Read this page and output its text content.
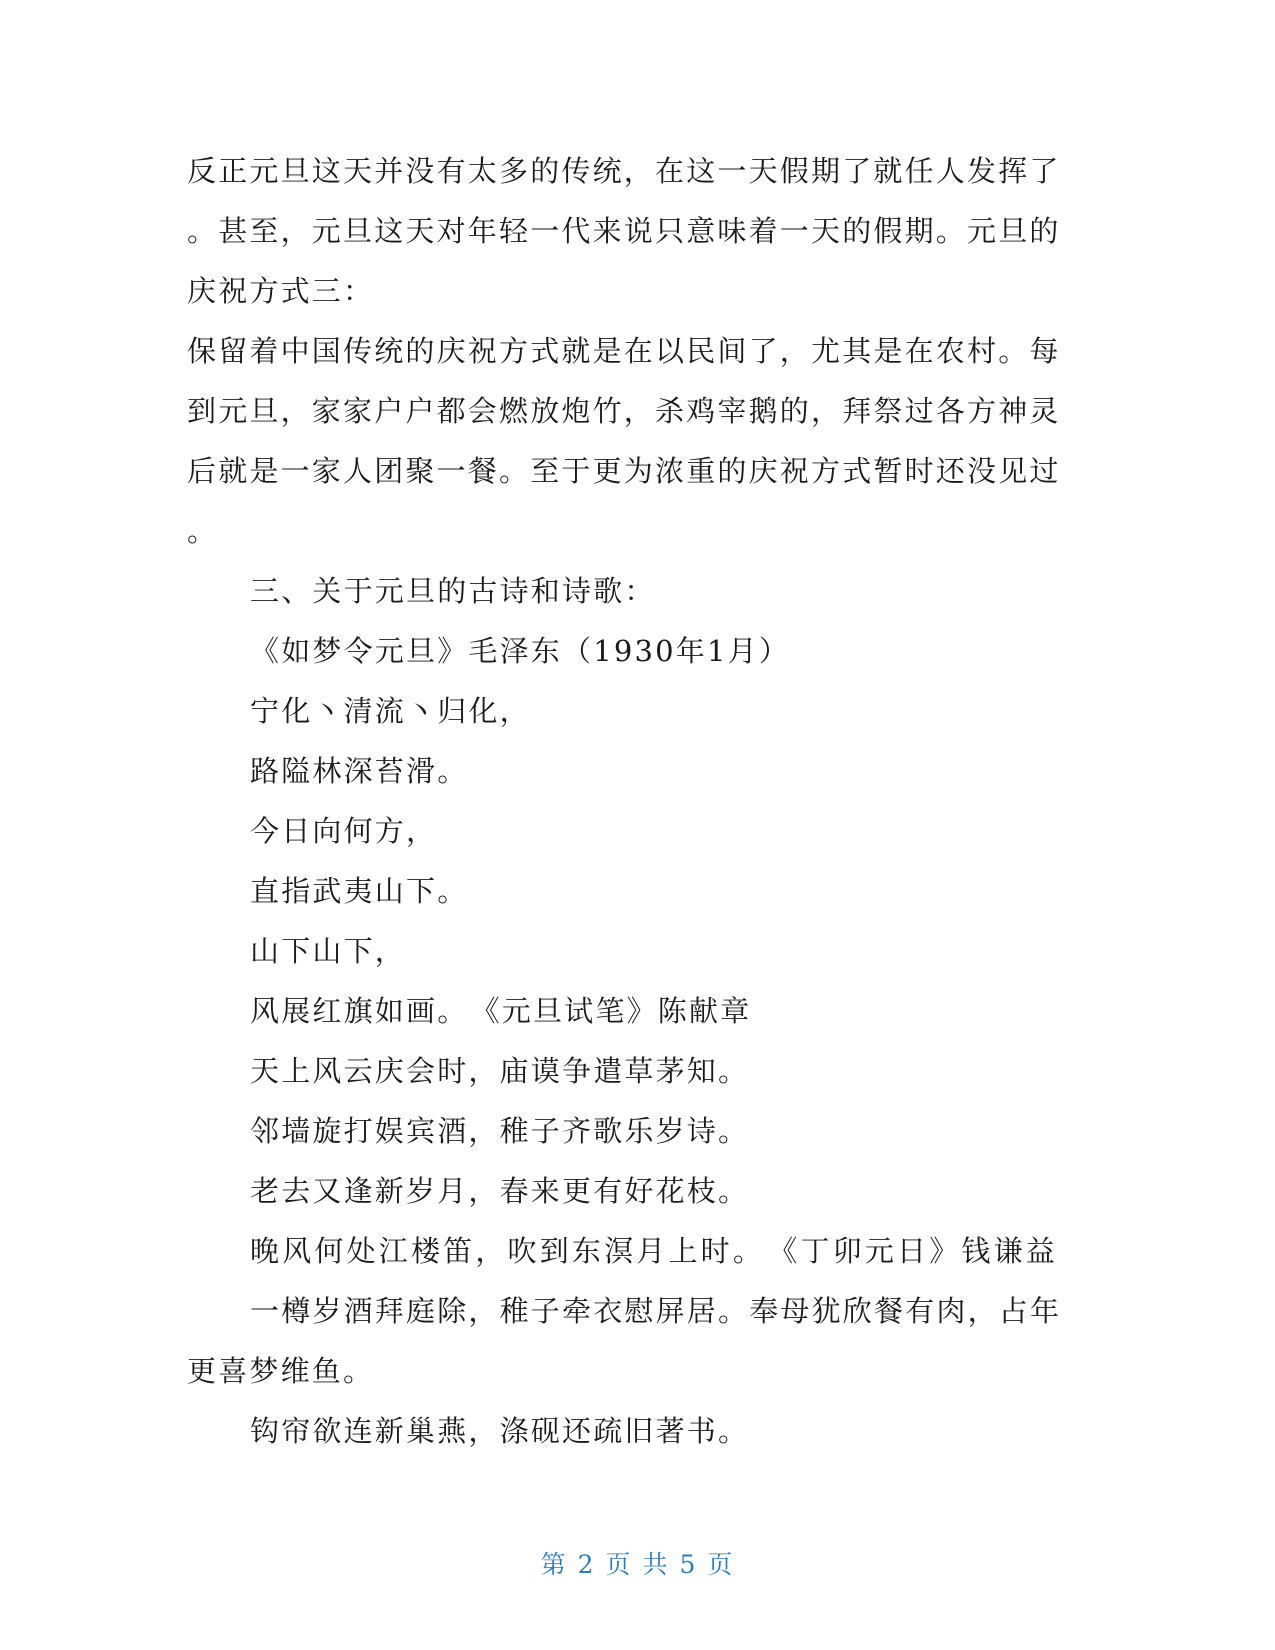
反正元旦这天并没有太多的传统，在这一天假期了就任人发挥了
。甚至，元旦这天对年轻一代来说只意味着一天的假期。元旦的
庆祝方式三：
保留着中国传统的庆祝方式就是在以民间了，尤其是在农村。每
到元旦，家家户户都会燃放炮竹，杀鸡宰鹅的，拜祭过各方神灵
后就是一家人团聚一餐。至于更为浓重的庆祝方式暂时还没见过
。
三、关于元旦的古诗和诗歌：
《如梦令元旦》毛泽东（1930年1月）
宁化丶清流丶归化，
路隘林深苔滑。
今日向何方，
直指武夷山下。
山下山下，
风展红旗如画。　《元旦试笔》陈献章
天上风云庆会时，庙谟争遣草茅知。
邻墙旋打娱宾酒，稚子齐歌乐岁诗。
老去又逢新岁月，春来更有好花枝。
晚风何处江楼笛，吹到东溟月上时。　《丁卯元日》钱谦益
一樽岁酒拜庭除，稚子牵衣慰屏居。奉母犹欣餐有肉，占年
更喜梦维鱼。
钩帘欲连新巢燕，涤砚还疏旧著书。
第 2 页 共 5 页
